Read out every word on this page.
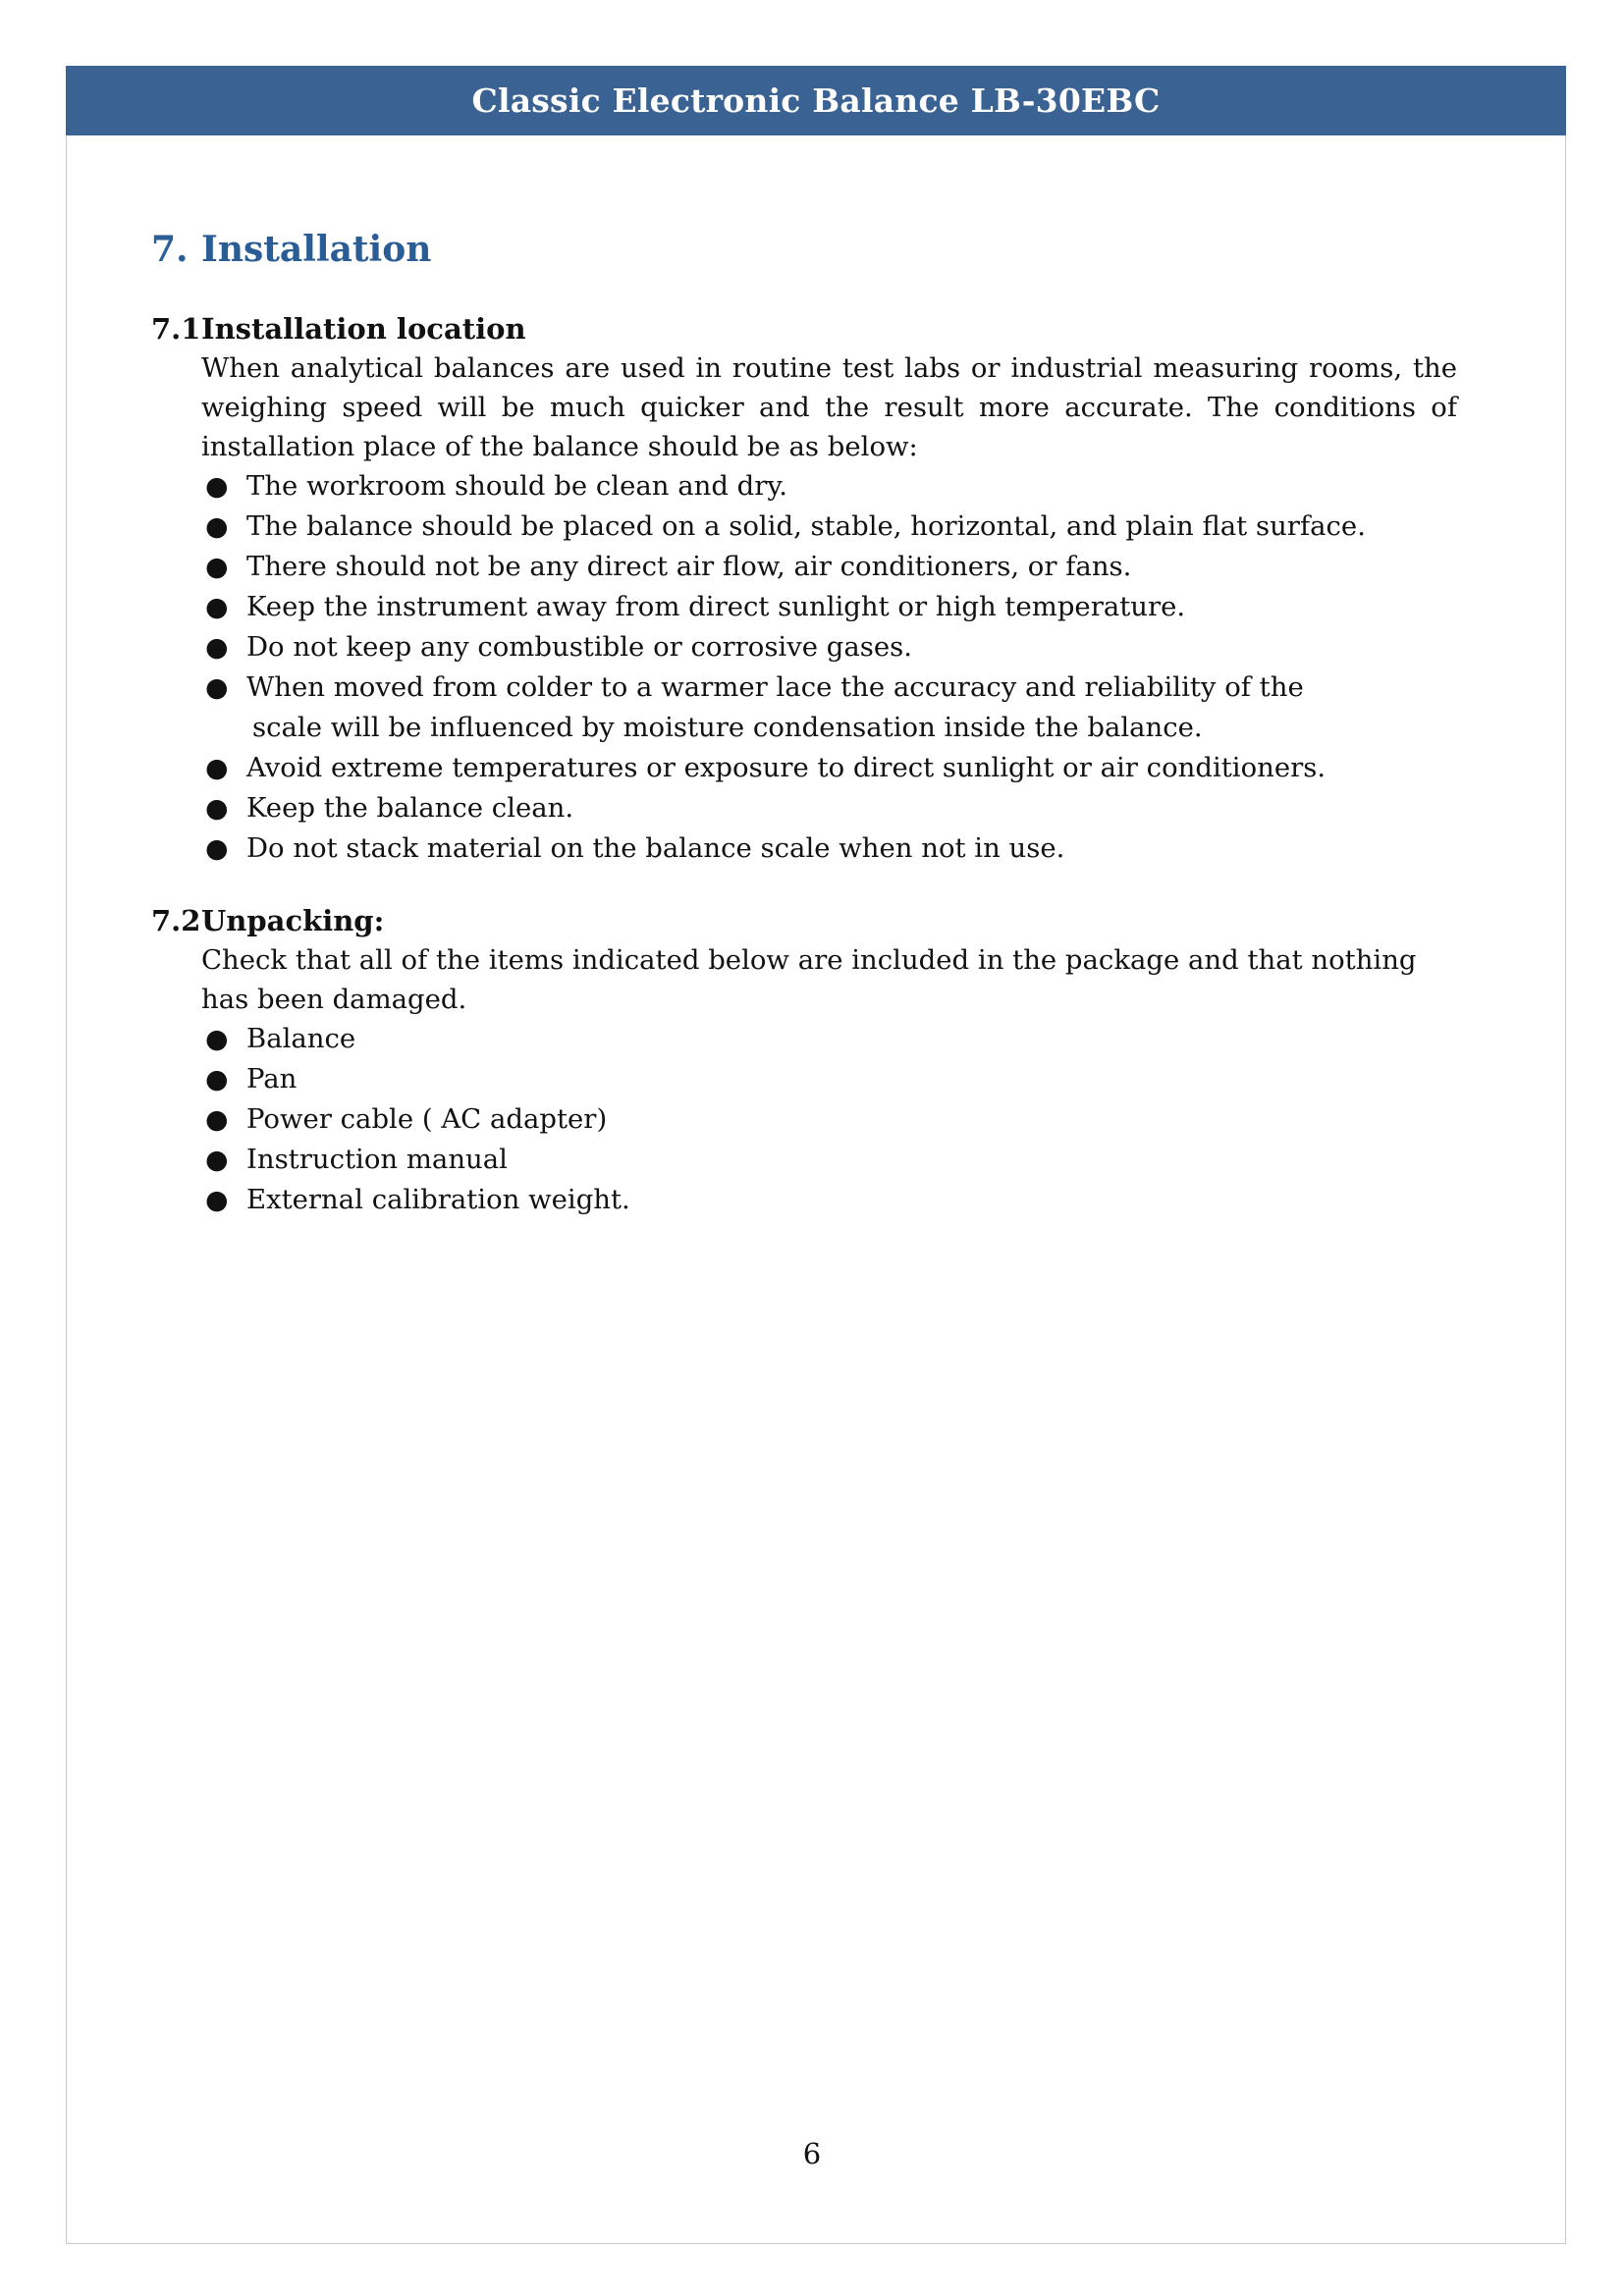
Classic Electronic Balance LB-30EBC
7. Installation
7.1Installation location

When analytical balances are used in routine test labs or industrial measuring rooms, the weighing speed will be much quicker and the result more accurate. The conditions of installation place of the balance should be as below:

● The workroom should be clean and dry.
● The balance should be placed on a solid, stable, horizontal, and plain flat surface.
● There should not be any direct air flow, air conditioners, or fans.
● Keep the instrument away from direct sunlight or high temperature.
● Do not keep any combustible or corrosive gases.
● When moved from colder to a warmer lace the accuracy and reliability of the
scale will be influenced by moisture condensation inside the balance.
● Avoid extreme temperatures or exposure to direct sunlight or air conditioners.
● Keep the balance clean.
● Do not stack material on the balance scale when not in use.
7.2Unpacking:

Check that all of the items indicated below are included in the package and that nothing
has been damaged.

● Balance
● Pan
● Power cable ( AC adapter)
● Instruction manual
● External calibration weight.
6
